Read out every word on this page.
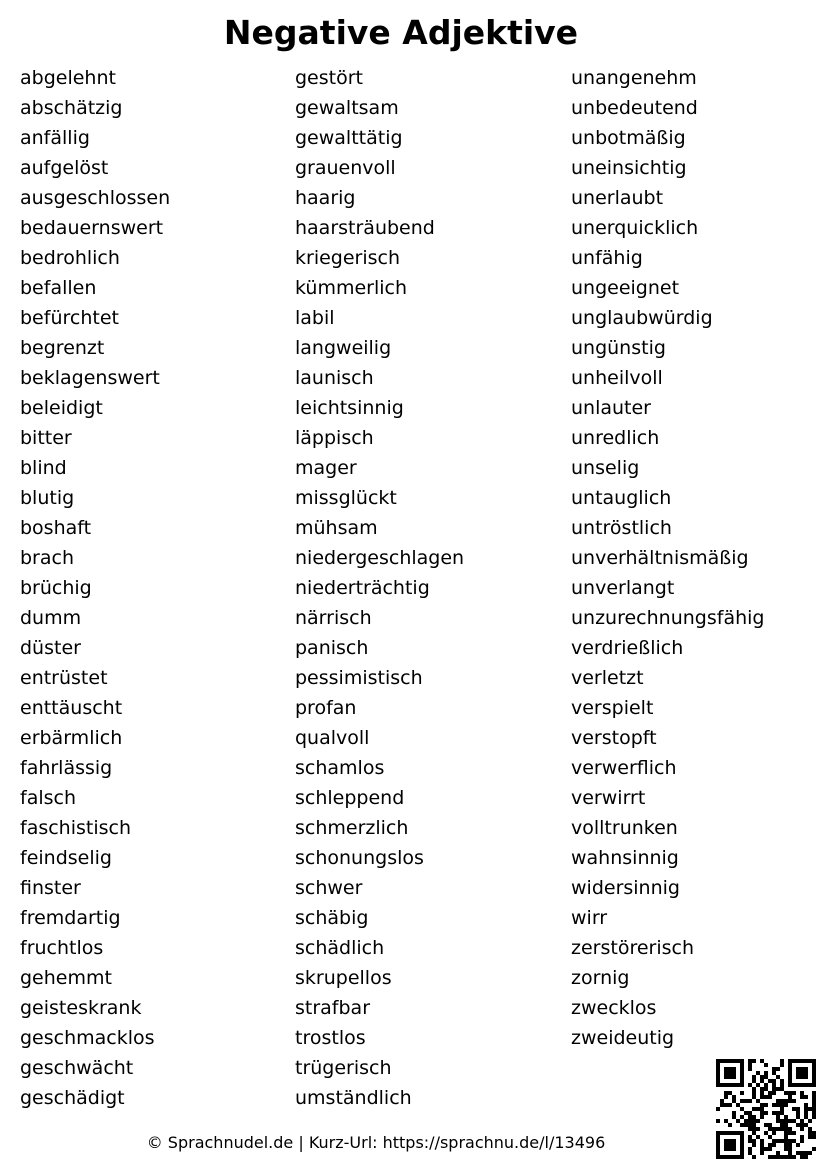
Negative Adjektive
abgelehnt
abschätzig
anfällig
aufgelöst
ausgeschlossen
bedauernswert
bedrohlich
befallen
befürchtet
begrenzt
beklagenswert
beleidigt
bitter
blind
blutig
boshaft
brach
brüchig
dumm
düster
entrüstet
enttäuscht
erbärmlich
fahrlässig
falsch
faschistisch
feindselig
finster
fremdartig
fruchtlos
gehemmt
geisteskrank
geschmacklos
geschwächt
geschädigt
gestört
gewaltsam
gewalttätig
grauenvoll
haarig
haarsträubend
kriegerisch
kümmerlich
labil
langweilig
launisch
leichtsinnig
läppisch
mager
missglückt
mühsam
niedergeschlagen
niederträchtig
närrisch
panisch
pessimistisch
profan
qualvoll
schamlos
schleppend
schmerzlich
schonungslos
schwer
schäbig
schädlich
skrupellos
strafbar
trostlos
trügerisch
umständlich
unangenehm
unbedeutend
unbotmäßig
uneinsichtig
unerlaubt
unerquicklich
unfähig
ungeeignet
unglaubwürdig
ungünstig
unheilvoll
unlauter
unredlich
unselig
untauglich
untröstlich
unverhältnismäßig
unverlangt
unzurechnungsfähig
verdrießlich
verletzt
verspielt
verstopft
verwerflich
verwirrt
volltrunken
wahnsinnig
widersinnig
wirr
zerstörerisch
zornig
zwecklos
zweideutig
© Sprachnudel.de | Kurz-Url: https://sprachnu.de/l/13496
